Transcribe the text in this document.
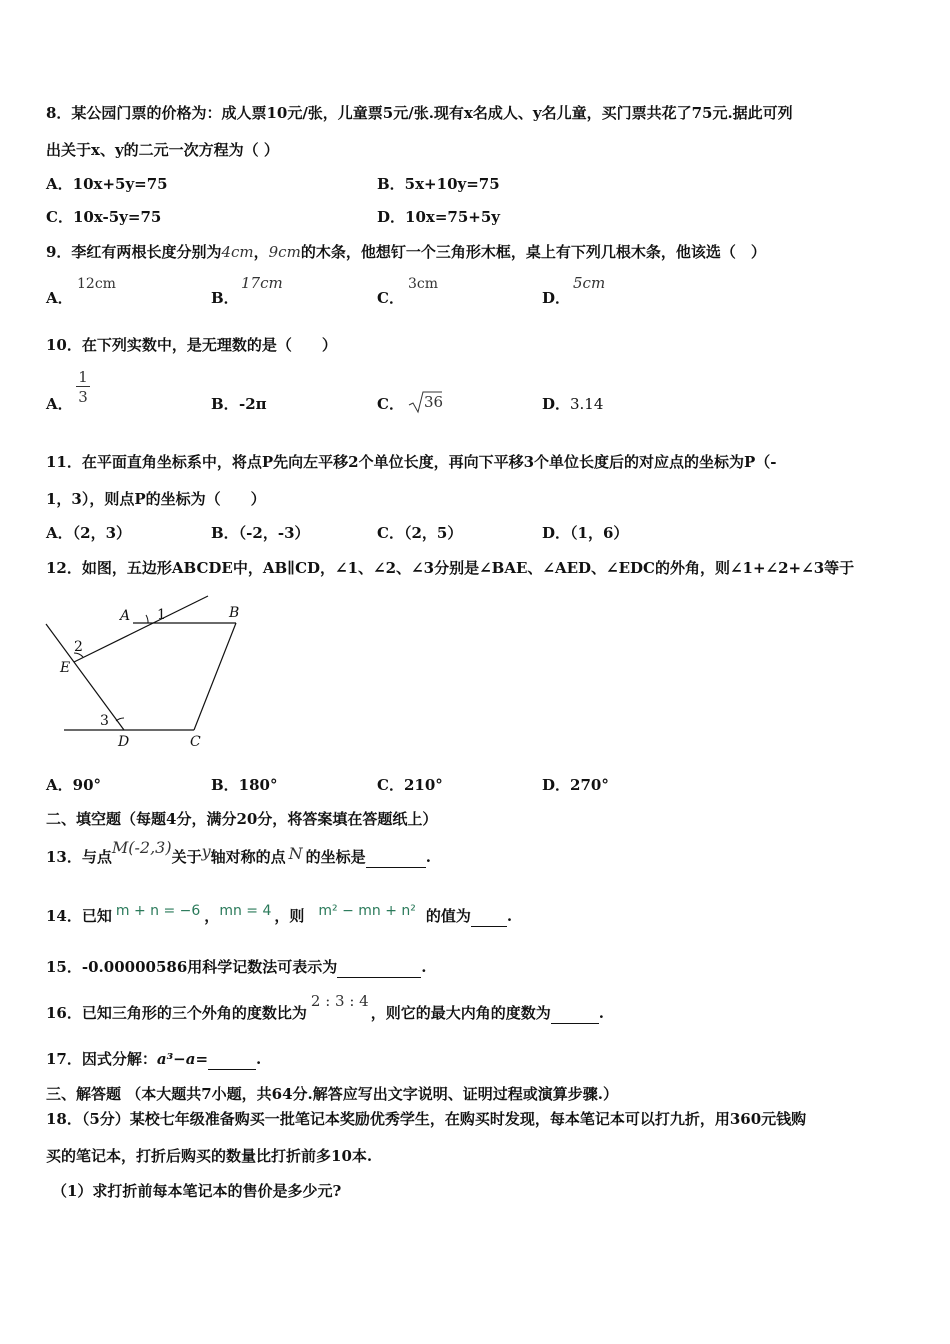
8．某公园门票的价格为：成人票10元/张，儿童票5元/张.现有x名成人、y名儿童，买门票共花了75元.据此可列
出关于x、y的二元一次方程为（ ）
A．10x+5y=75	B．5x+10y=75
C．10x-5y=75	D．10x=75+5y
9．李红有两根长度分别为4cm，9cm的木条，他想钉一个三角形木框，桌上有下列几根木条，他该选（　）
A．
12cm
B．
17cm
C．
3cm
D．
5cm
10．在下列实数中，是无理数的是（　　）
A．
1
3	B． -2π	C． 36	D． 3.14
11．在平面直角坐标系中，将点P先向左平移2个单位长度，再向下平移3个单位长度后的对应点的坐标为P（-
1，3），则点P的坐标为（　　）
A．（2，3）	B．（-2，-3）	C．（2，5）	D．（1，6）
12．如图，五边形ABCDE中，AB∥CD，∠1、∠2、∠3分别是∠BAE、∠AED、∠EDC的外角，则∠1+∠2+∠3等于
A	B
C
D
E
1
2
3
A．90°	B．180°	C．210°	D．270°
二、填空题（每题4分，满分20分，将答案填在答题纸上）
13．与点M(-2,3)关于y轴对称的点 N 的坐标是	.
14．已知 m + n = −6 ，mn = 4 ，则 m² − mn + n² 的值为 .
15．-0.00000586用科学记数法可表示为	.
16．已知三角形的三个外角的度数比为2 : 3 : 4，则它的最大内角的度数为	.
17．因式分解：a³−a=	.
三、解答题 （本大题共7小题，共64分.解答应写出文字说明、证明过程或演算步骤.）
18．（5分）某校七年级准备购买一批笔记本奖励优秀学生，在购买时发现，每本笔记本可以打九折，用360元钱购
买的笔记本，打折后购买的数量比打折前多10本.
（1）求打折前每本笔记本的售价是多少元?
